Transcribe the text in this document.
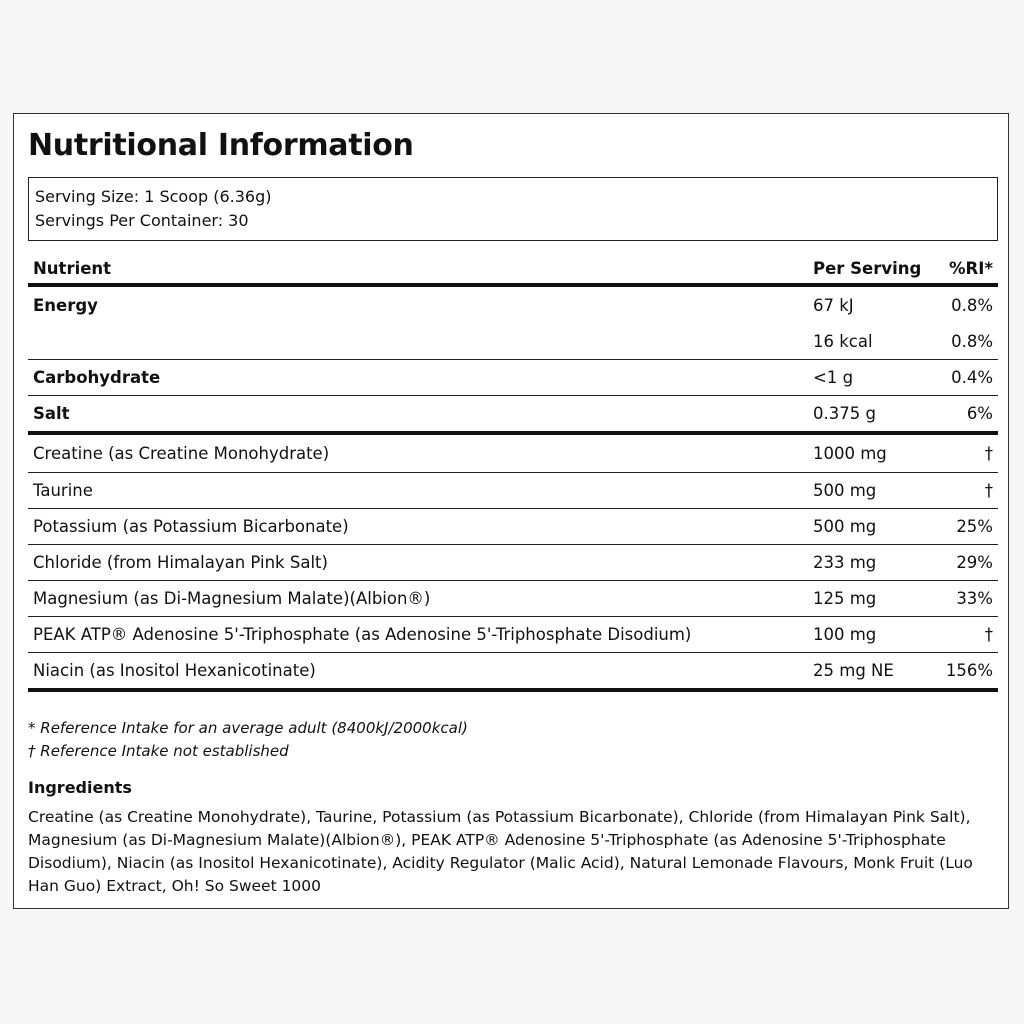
Nutritional Information
Serving Size: 1 Scoop (6.36g)
Servings Per Container: 30
Nutrient	Per Serving	%RI*
Energy	67 kJ	0.8%
	16 kcal	0.8%
Carbohydrate	<1 g	0.4%
Salt	0.375 g	6%
Creatine (as Creatine Monohydrate)	1000 mg	†
Taurine	500 mg	†
Potassium (as Potassium Bicarbonate)	500 mg	25%
Chloride (from Himalayan Pink Salt)	233 mg	29%
Magnesium (as Di-Magnesium Malate)(Albion®)	125 mg	33%
PEAK ATP® Adenosine 5'-Triphosphate (as Adenosine 5'-Triphosphate Disodium)	100 mg	†
Niacin (as Inositol Hexanicotinate)	25 mg NE	156%
* Reference Intake for an average adult (8400kJ/2000kcal)
† Reference Intake not established
Ingredients
Creatine (as Creatine Monohydrate), Taurine, Potassium (as Potassium Bicarbonate), Chloride (from Himalayan Pink Salt), Magnesium (as Di-Magnesium Malate)(Albion®), PEAK ATP® Adenosine 5'-Triphosphate (as Adenosine 5'-Triphosphate Disodium), Niacin (as Inositol Hexanicotinate), Acidity Regulator (Malic Acid), Natural Lemonade Flavours, Monk Fruit (Luo Han Guo) Extract, Oh! So Sweet 1000
